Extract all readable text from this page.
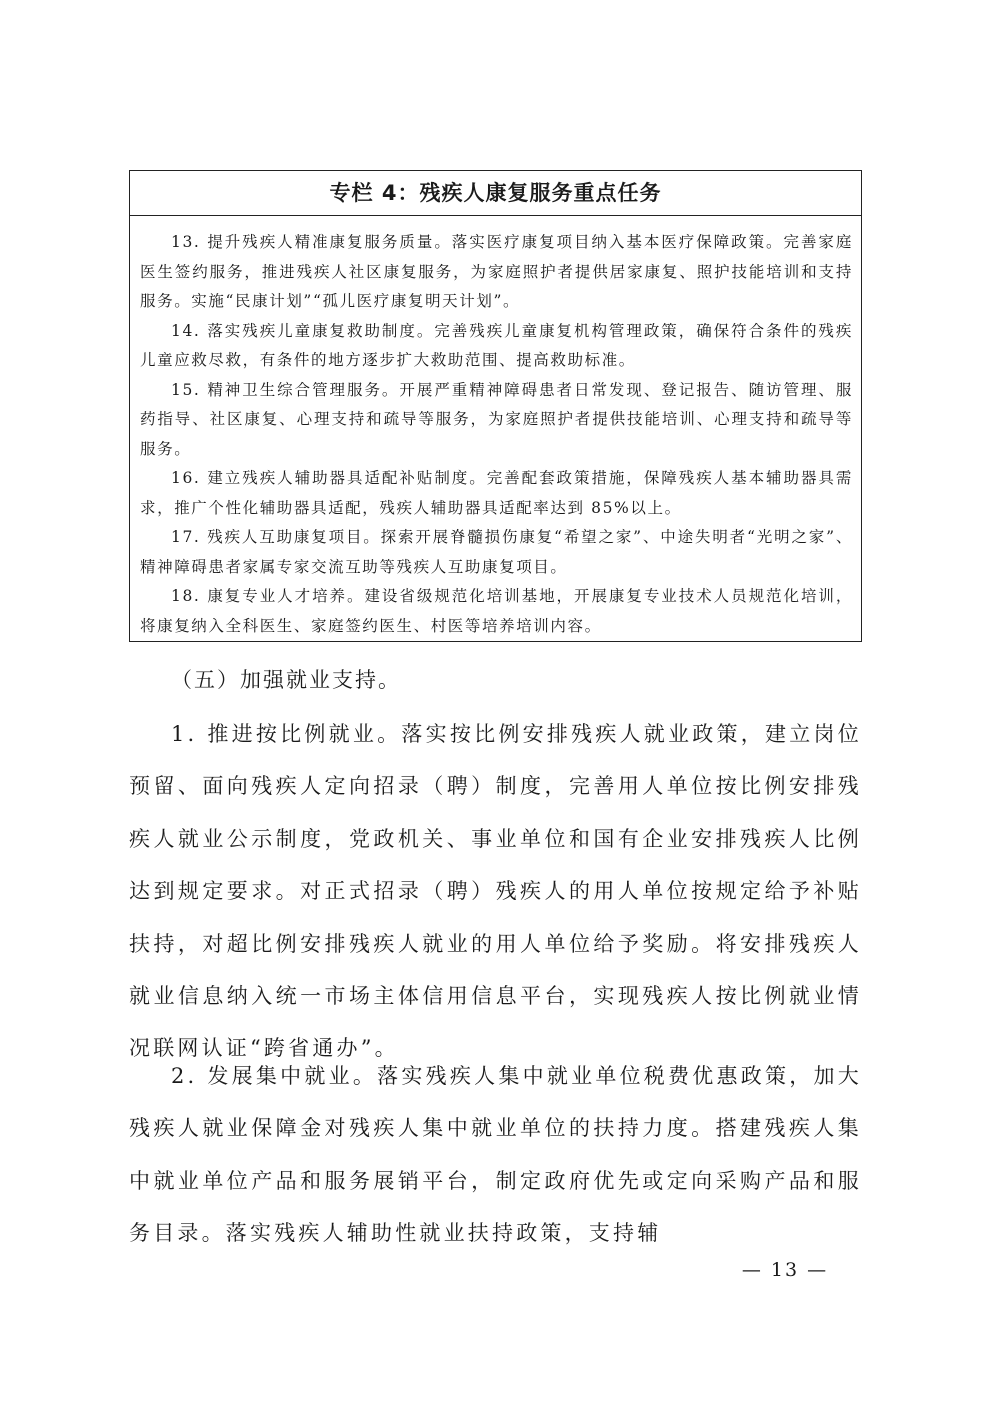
专栏 4：残疾人康复服务重点任务

13. 提升残疾人精准康复服务质量。落实医疗康复项目纳入基本医疗保障政策。完善家庭医生签约服务，推进残疾人社区康复服务，为家庭照护者提供居家康复、照护技能培训和支持服务。实施“民康计划”“孤儿医疗康复明天计划”。

14. 落实残疾儿童康复救助制度。完善残疾儿童康复机构管理政策，确保符合条件的残疾儿童应救尽救，有条件的地方逐步扩大救助范围、提高救助标准。

15. 精神卫生综合管理服务。开展严重精神障碍患者日常发现、登记报告、随访管理、服药指导、社区康复、心理支持和疏导等服务，为家庭照护者提供技能培训、心理支持和疏导等服务。

16. 建立残疾人辅助器具适配补贴制度。完善配套政策措施，保障残疾人基本辅助器具需求，推广个性化辅助器具适配，残疾人辅助器具适配率达到 85%以上。

17. 残疾人互助康复项目。探索开展脊髓损伤康复“希望之家”、中途失明者“光明之家”、精神障碍患者家属专家交流互助等残疾人互助康复项目。

18. 康复专业人才培养。建设省级规范化培训基地，开展康复专业技术人员规范化培训，将康复纳入全科医生、家庭签约医生、村医等培养培训内容。

（五）加强就业支持。

1. 推进按比例就业。落实按比例安排残疾人就业政策，建立岗位预留、面向残疾人定向招录（聘）制度，完善用人单位按比例安排残疾人就业公示制度，党政机关、事业单位和国有企业安排残疾人比例达到规定要求。对正式招录（聘）残疾人的用人单位按规定给予补贴扶持，对超比例安排残疾人就业的用人单位给予奖励。将安排残疾人就业信息纳入统一市场主体信用信息平台，实现残疾人按比例就业情况联网认证“跨省通办”。

2. 发展集中就业。落实残疾人集中就业单位税费优惠政策，加大残疾人就业保障金对残疾人集中就业单位的扶持力度。搭建残疾人集中就业单位产品和服务展销平台，制定政府优先或定向采购产品和服务目录。落实残疾人辅助性就业扶持政策，支持辅

— 13 —
